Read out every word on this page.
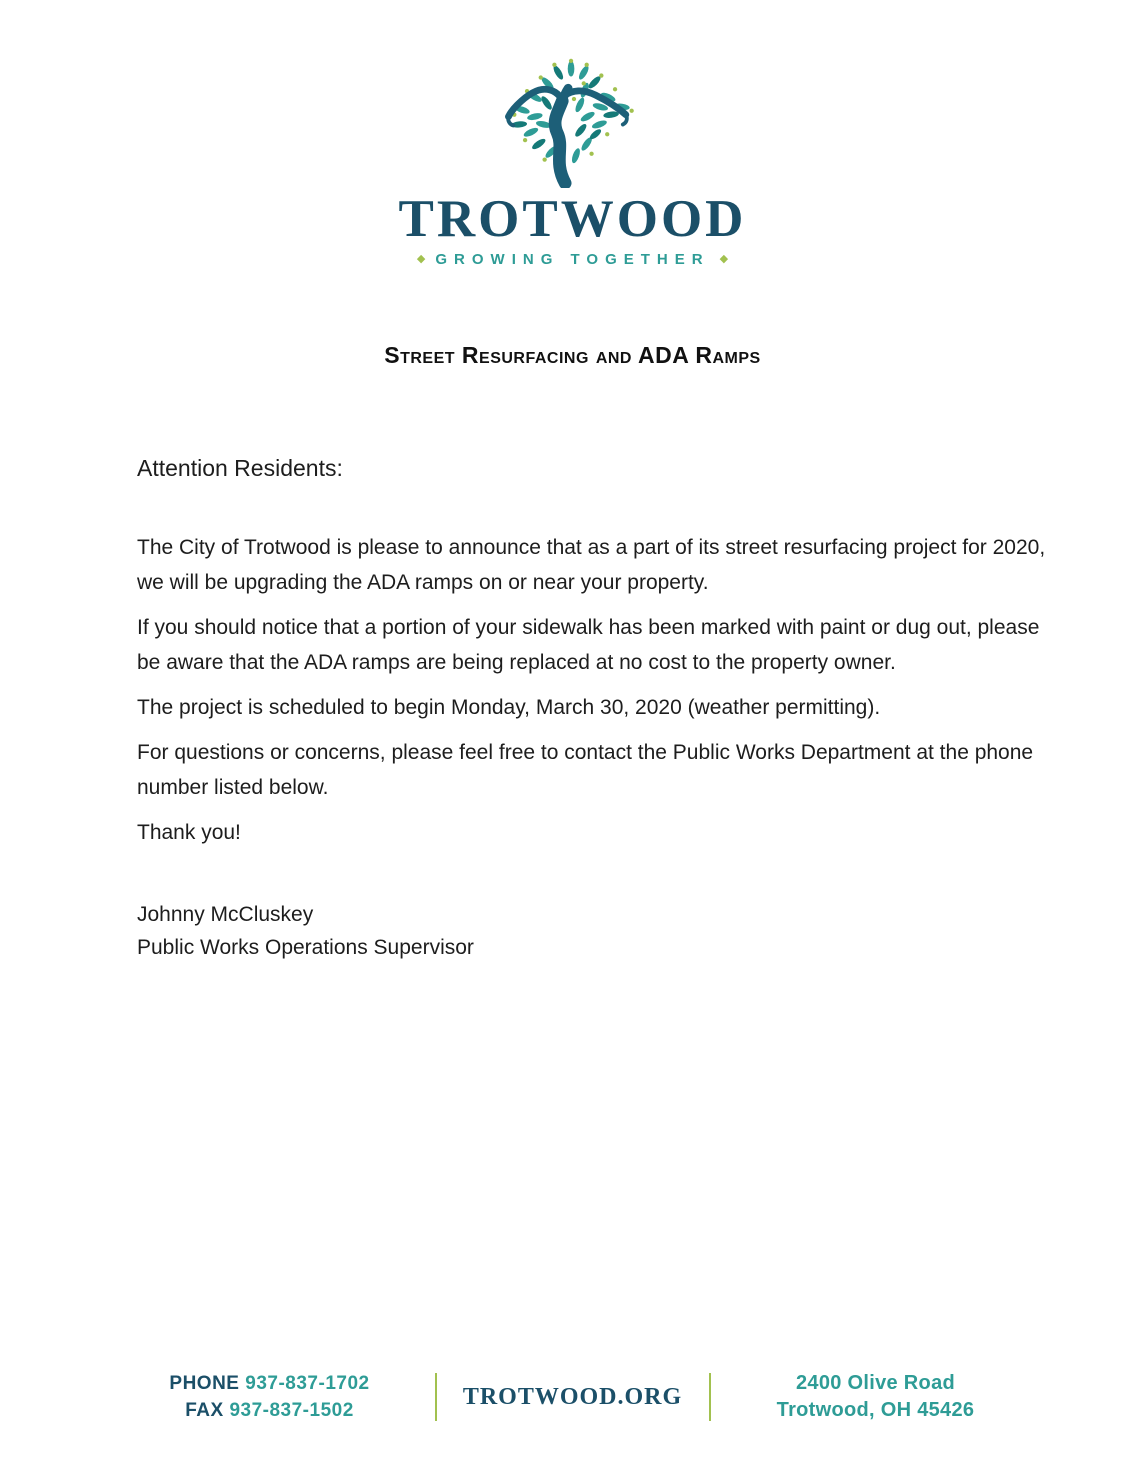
TROTWOOD
◆ GROWING TOGETHER ◆
Street Resurfacing and ADA Ramps

Attention Residents:

The City of Trotwood is please to announce that as a part of its street resurfacing project for 2020, we will be upgrading the ADA ramps on or near your property.

If you should notice that a portion of your sidewalk has been marked with paint or dug out, please be aware that the ADA ramps are being replaced at no cost to the property owner.

The project is scheduled to begin Monday, March 30, 2020 (weather permitting).

For questions or concerns, please feel free to contact the Public Works Department at the phone number listed below.

Thank you!

Johnny McCluskey
Public Works Operations Supervisor
PHONE 937-837-1702
FAX 937-837-1502
TROTWOOD.ORG
2400 Olive Road
Trotwood, OH 45426
